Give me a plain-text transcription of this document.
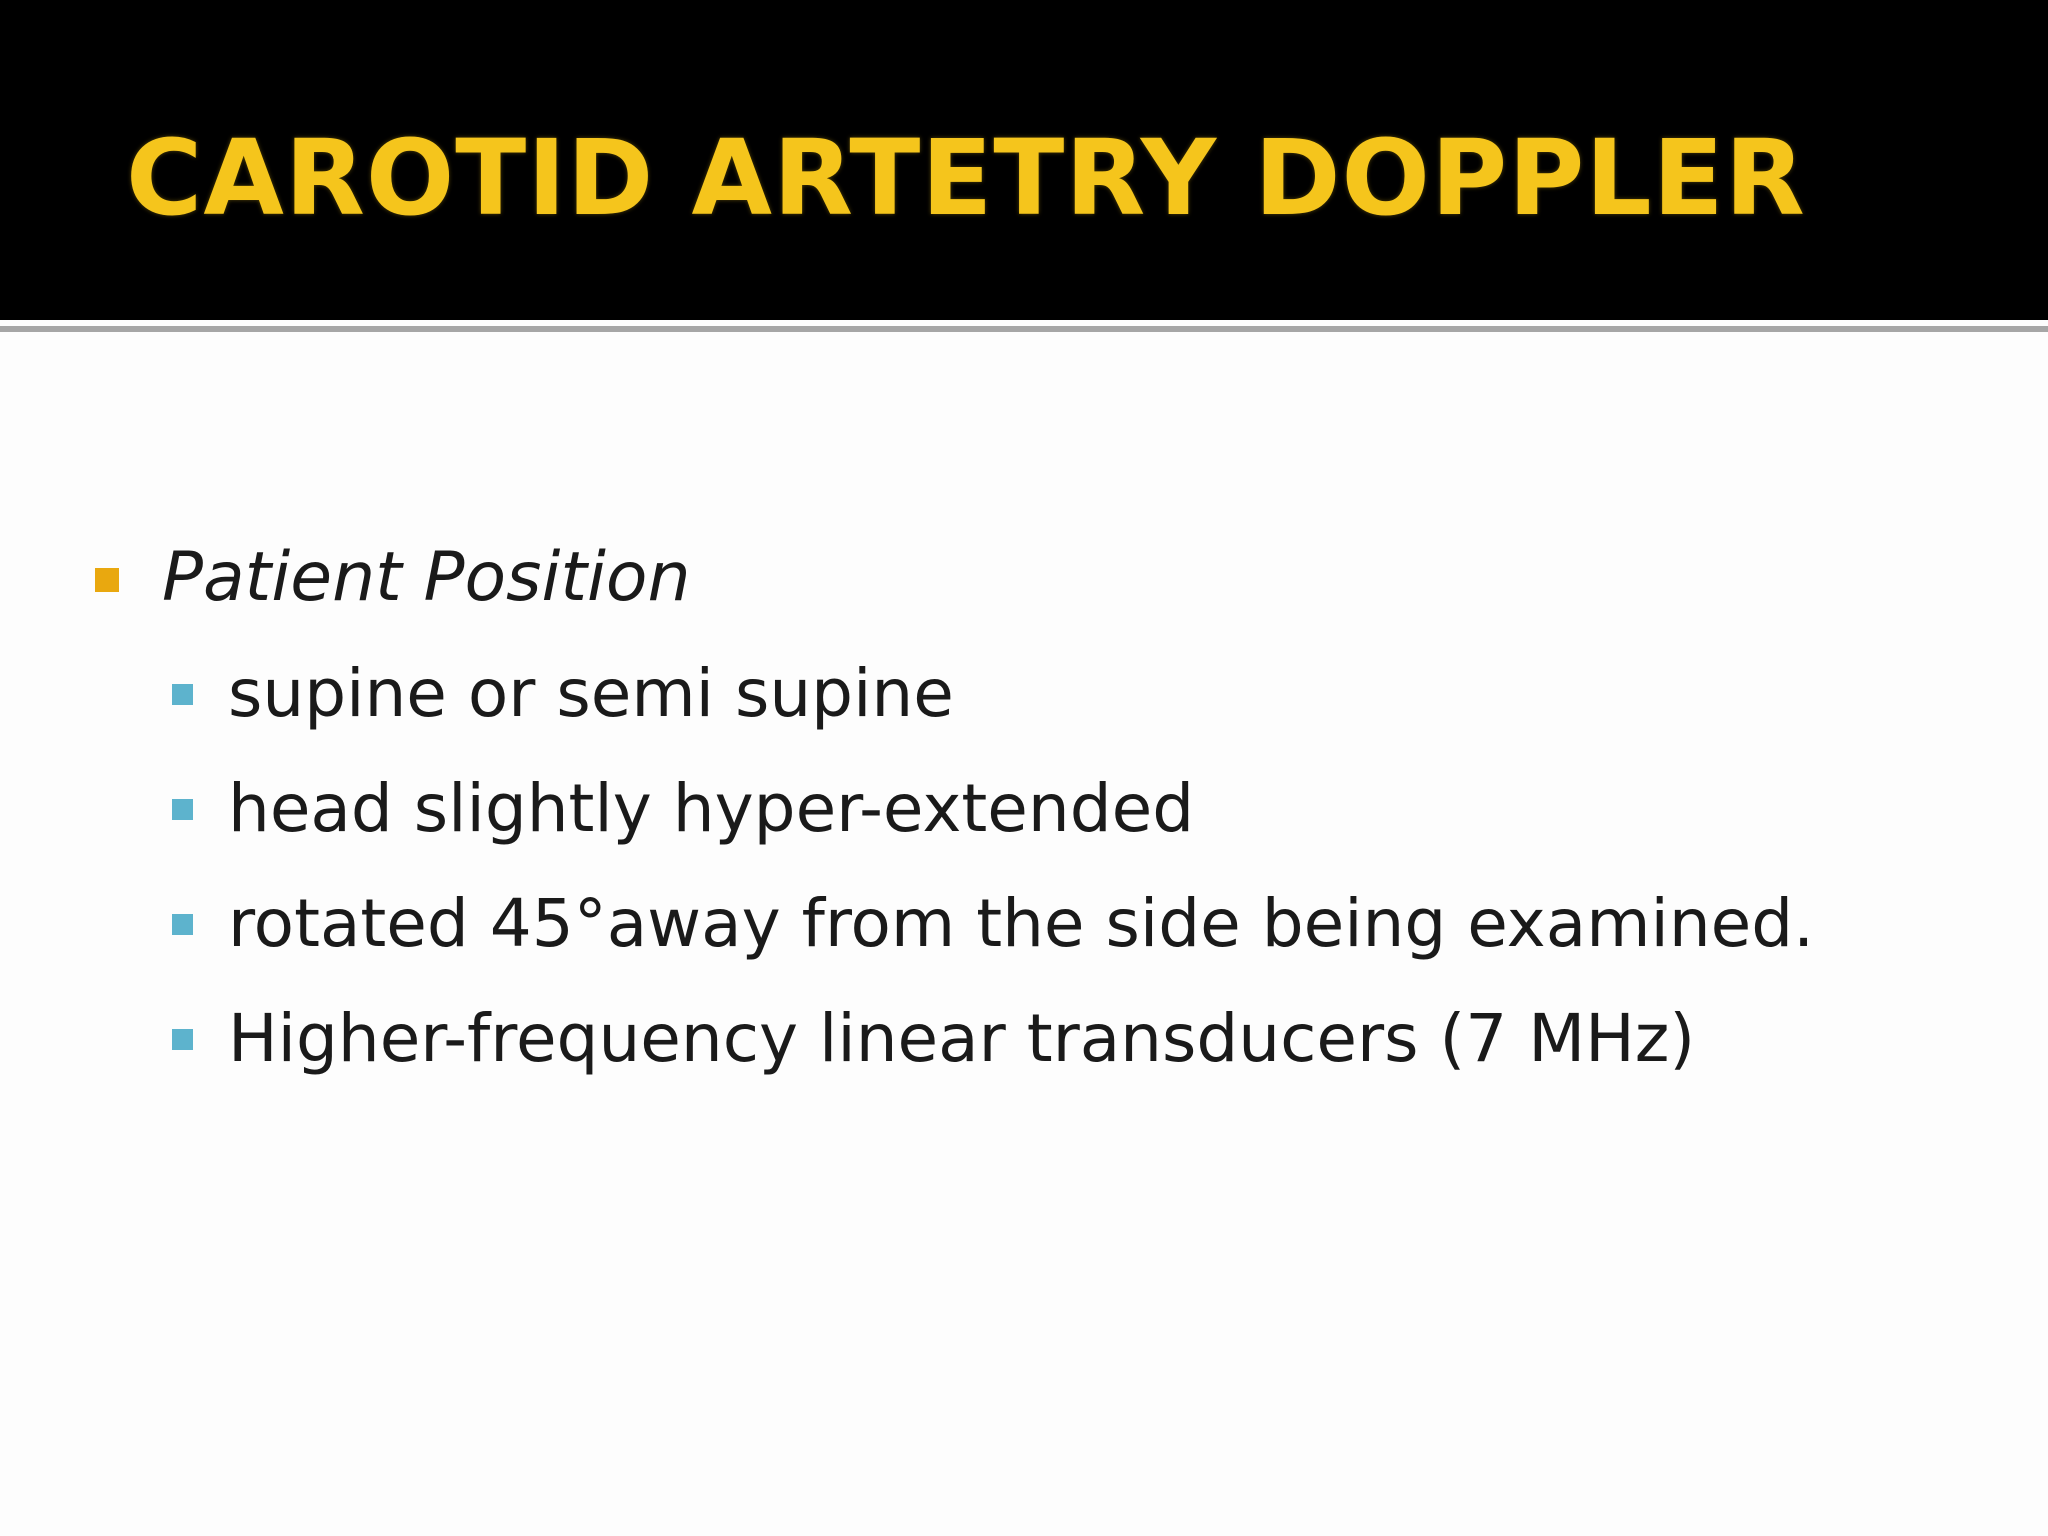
CAROTID ARTETRY DOPPLER
Patient Position
supine or semi supine
head slightly hyper-extended
rotated 45°away from the side being examined.
Higher-frequency linear transducers (7 MHz)
